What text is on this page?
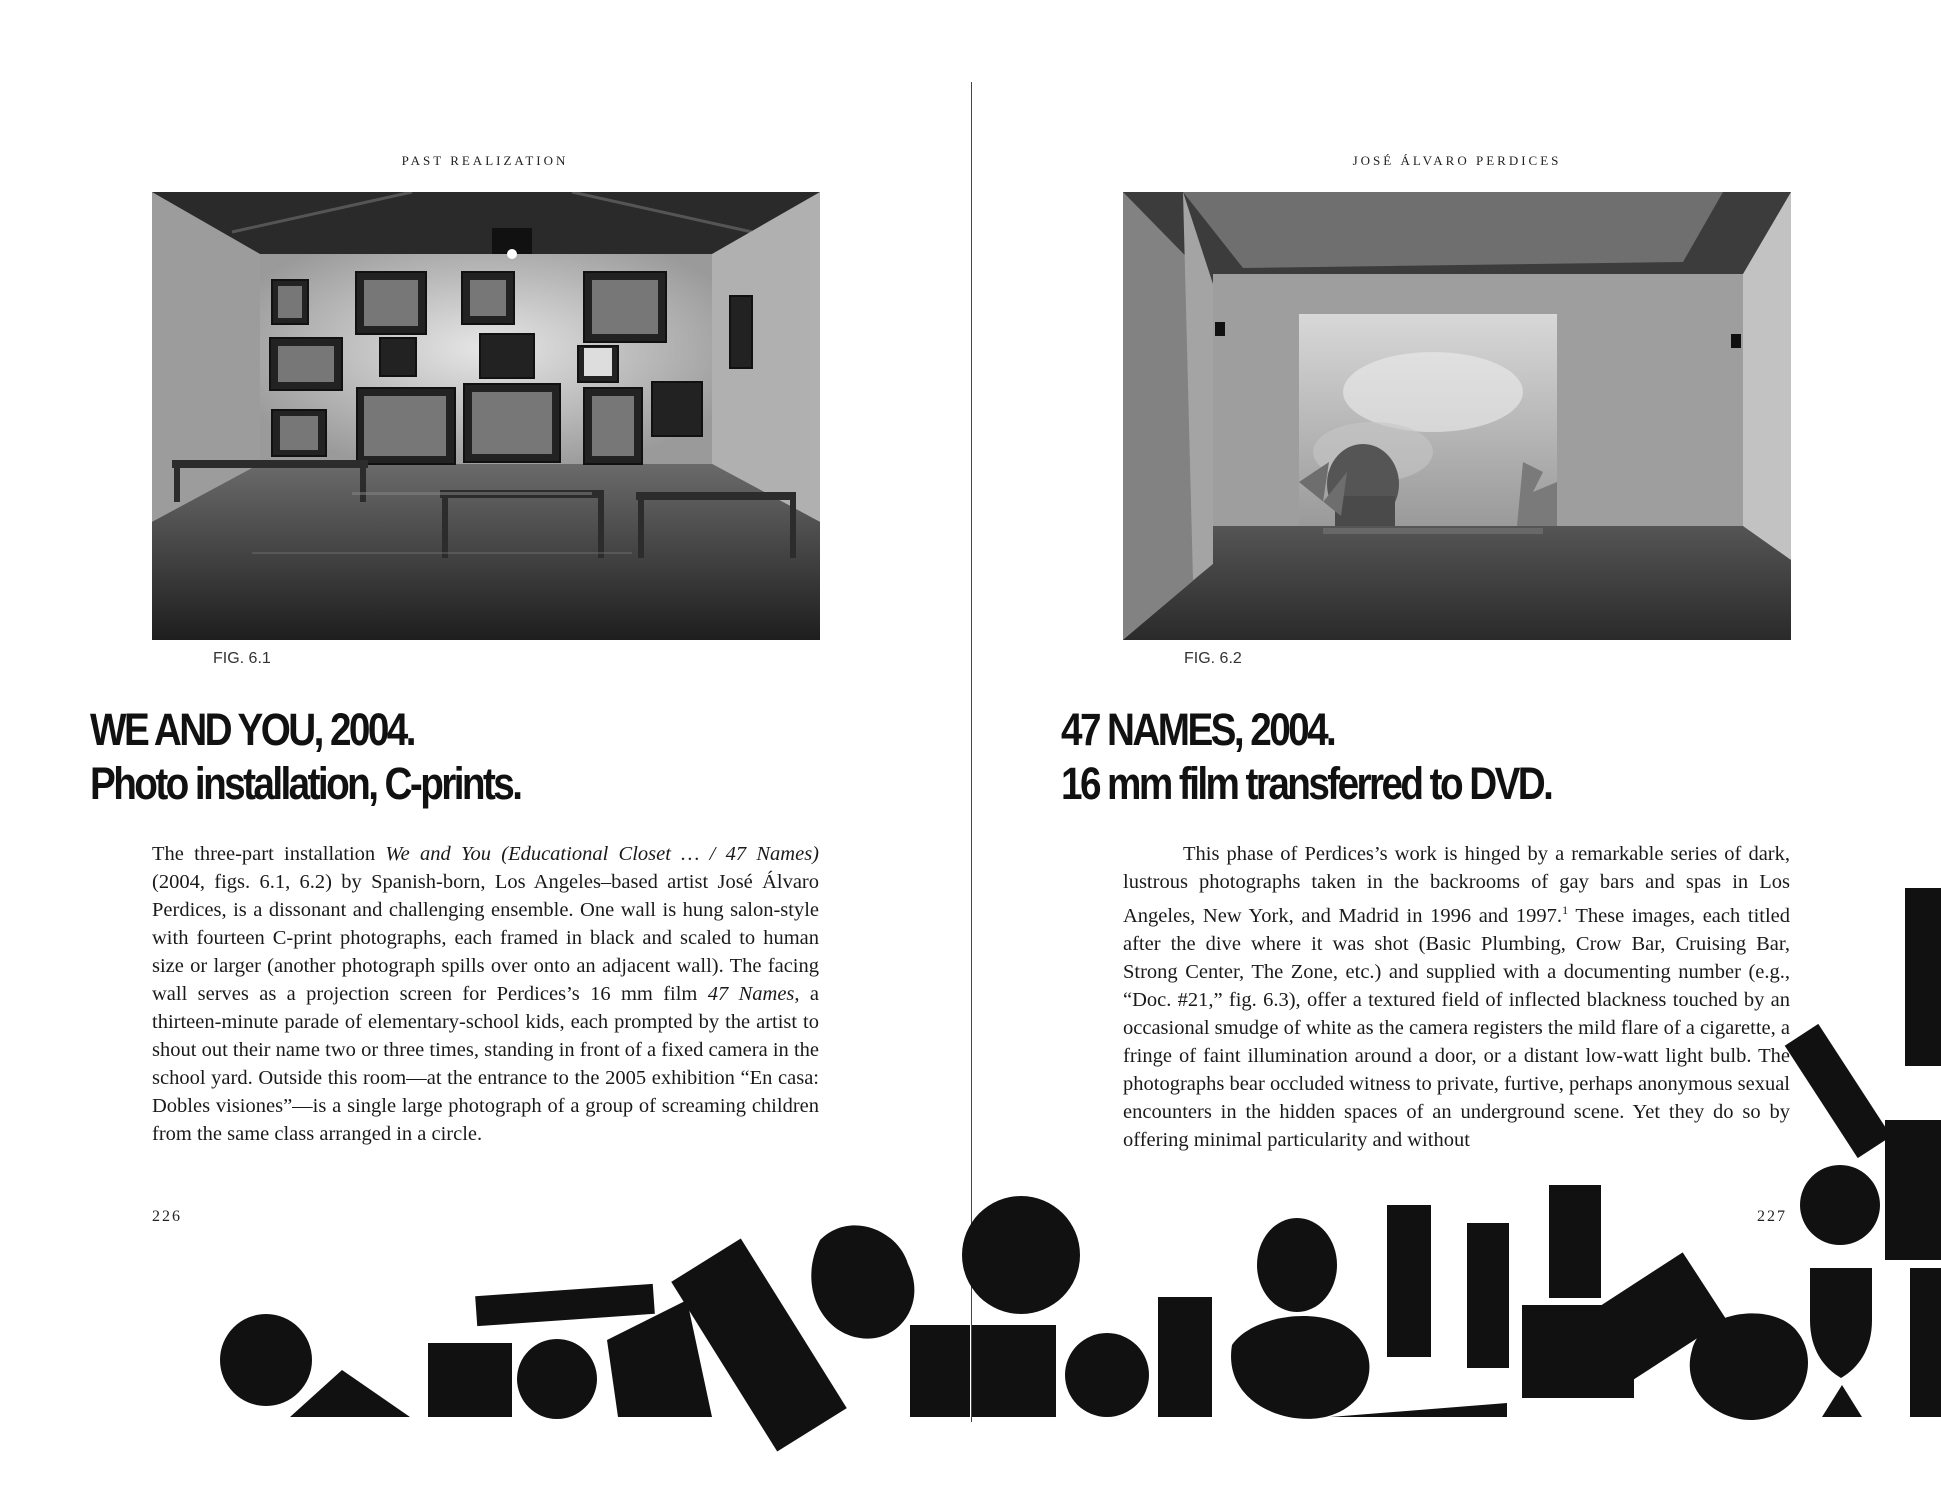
PAST REALIZATION
FIG. 6.1
WE AND YOU, 2004.
Photo installation, C-prints.

The three-part installation We and You (Educational Closet … / 47 Names) (2004, figs. 6.1, 6.2) by Spanish-born, Los Angeles–based artist José Álvaro Perdices, is a dissonant and challenging ensemble. One wall is hung salon-style with fourteen C-print photographs, each framed in black and scaled to human size or larger (another photograph spills over onto an adjacent wall). The facing wall serves as a projection screen for Perdices’s 16 mm film 47 Names, a thirteen-minute parade of elementary-school kids, each prompted by the artist to shout out their name two or three times, standing in front of a fixed camera in the school yard. Outside this room—at the entrance to the 2005 exhibition “En casa: Dobles visiones”—is a single large photograph of a group of screaming children from the same class arranged in a circle.

226
JOSÉ ÁLVARO PERDICES
FIG. 6.2
47 NAMES, 2004.
16 mm film transferred to DVD.

This phase of Perdices’s work is hinged by a remarkable series of dark, lustrous photographs taken in the backrooms of gay bars and spas in Los Angeles, New York, and Madrid in 1996 and 1997.$^1$ These images, each titled after the dive where it was shot (Basic Plumbing, Crow Bar, Cruising Bar, Strong Center, The Zone, etc.) and supplied with a documenting number (e.g., “Doc. #21,” fig. 6.3), offer a textured field of inflected blackness touched by an occasional smudge of white as the camera registers the mild flare of a cigarette, a fringe of faint illumination around a door, or a distant low-watt light bulb. The photographs bear occluded witness to private, furtive, perhaps anonymous sexual encounters in the hidden spaces of an underground scene. Yet they do so by offering minimal particularity and without

227
